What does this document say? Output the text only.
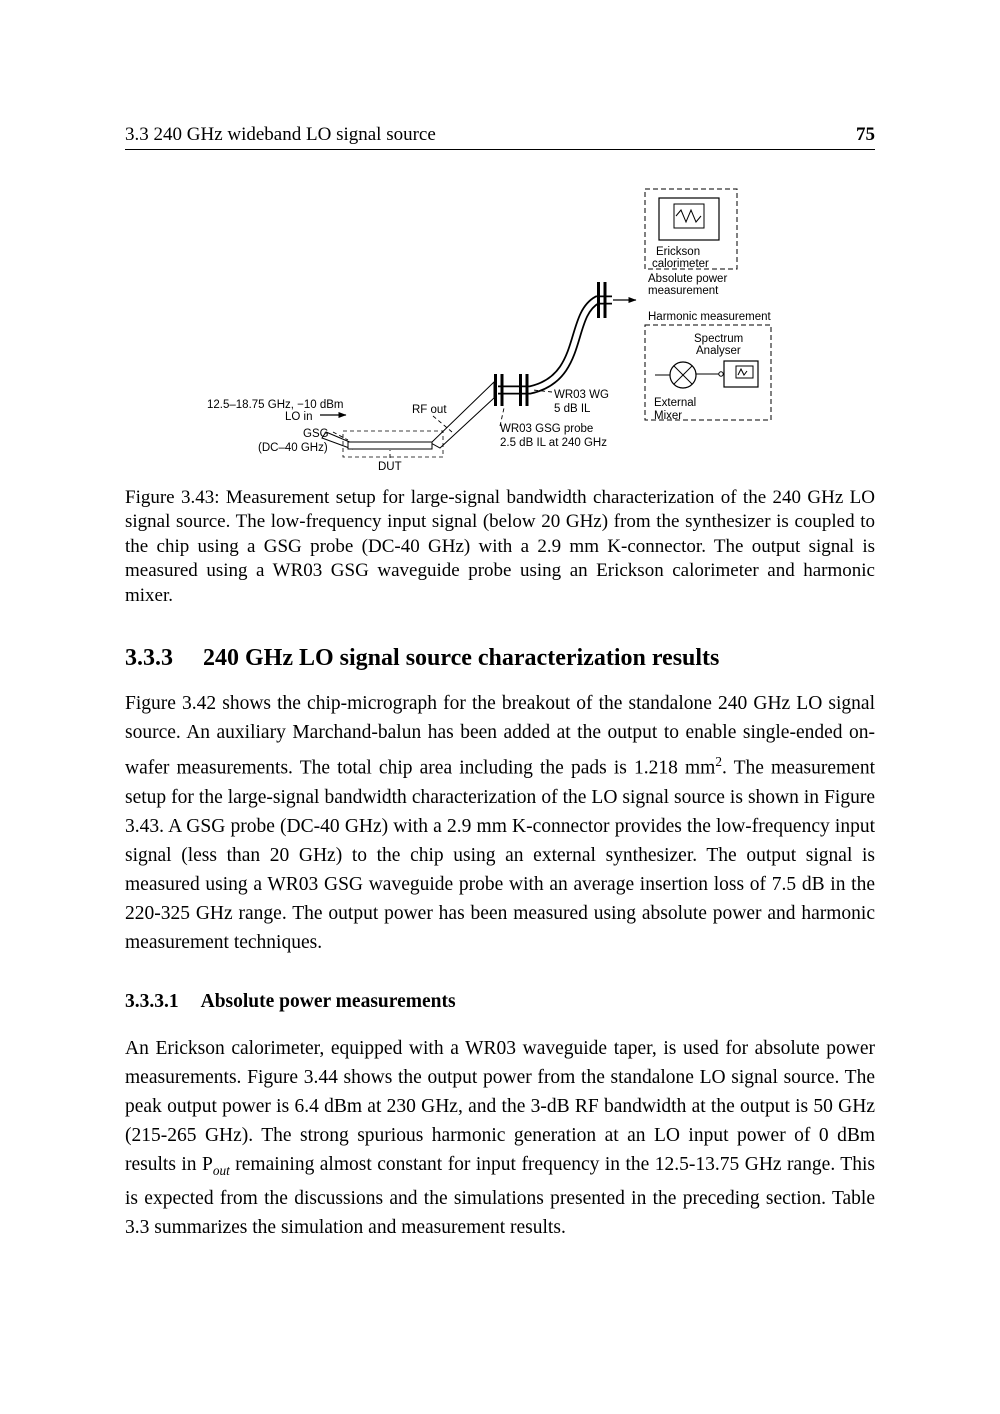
3.3 240 GHz wideband LO signal source	75
12.5–18.75 GHz, −10 dBm
LO in
GSG
(DC–40 GHz)
DUT
RF out
WR03 WG
5 dB IL
WR03 GSG probe
2.5 dB IL at 240 GHz
Erickson
calorimeter
Absolute power
measurement
Harmonic measurement
Spectrum
Analyser
External
Mixer
Figure 3.43: Measurement setup for large-signal bandwidth characterization of the 240 GHz LO signal source. The low-frequency input signal (below 20 GHz) from the synthesizer is coupled to the chip using a GSG probe (DC-40 GHz) with a 2.9 mm K-connector. The output signal is measured using a WR03 GSG waveguide probe using an Erickson calorimeter and harmonic mixer.
3.3.3 240 GHz LO signal source characterization results

Figure 3.42 shows the chip-micrograph for the breakout of the standalone 240 GHz LO signal source. An auxiliary Marchand-balun has been added at the output to enable single-ended on-wafer measurements. The total chip area including the pads is 1.218 $mm^2$. The measurement setup for the large-signal bandwidth characterization of the LO signal source is shown in Figure 3.43. A GSG probe (DC-40 GHz) with a 2.9 mm K-connector provides the low-frequency input signal (less than 20 GHz) to the chip using an external synthesizer. The output signal is measured using a WR03 GSG waveguide probe with an average insertion loss of 7.5 dB in the 220-325 GHz range. The output power has been measured using absolute power and harmonic measurement techniques.

3.3.3.1 Absolute power measurements

An Erickson calorimeter, equipped with a WR03 waveguide taper, is used for absolute power measurements. Figure 3.44 shows the output power from the standalone LO signal source. The peak output power is 6.4 dBm at 230 GHz, and the 3-dB RF bandwidth at the output is 50 GHz (215-265 GHz). The strong spurious harmonic generation at an LO input power of 0 dBm results in $P_{out}$ remaining almost constant for input frequency in the 12.5-13.75 GHz range. This is expected from the discussions and the simulations presented in the preceding section. Table 3.3 summarizes the simulation and measurement results.
